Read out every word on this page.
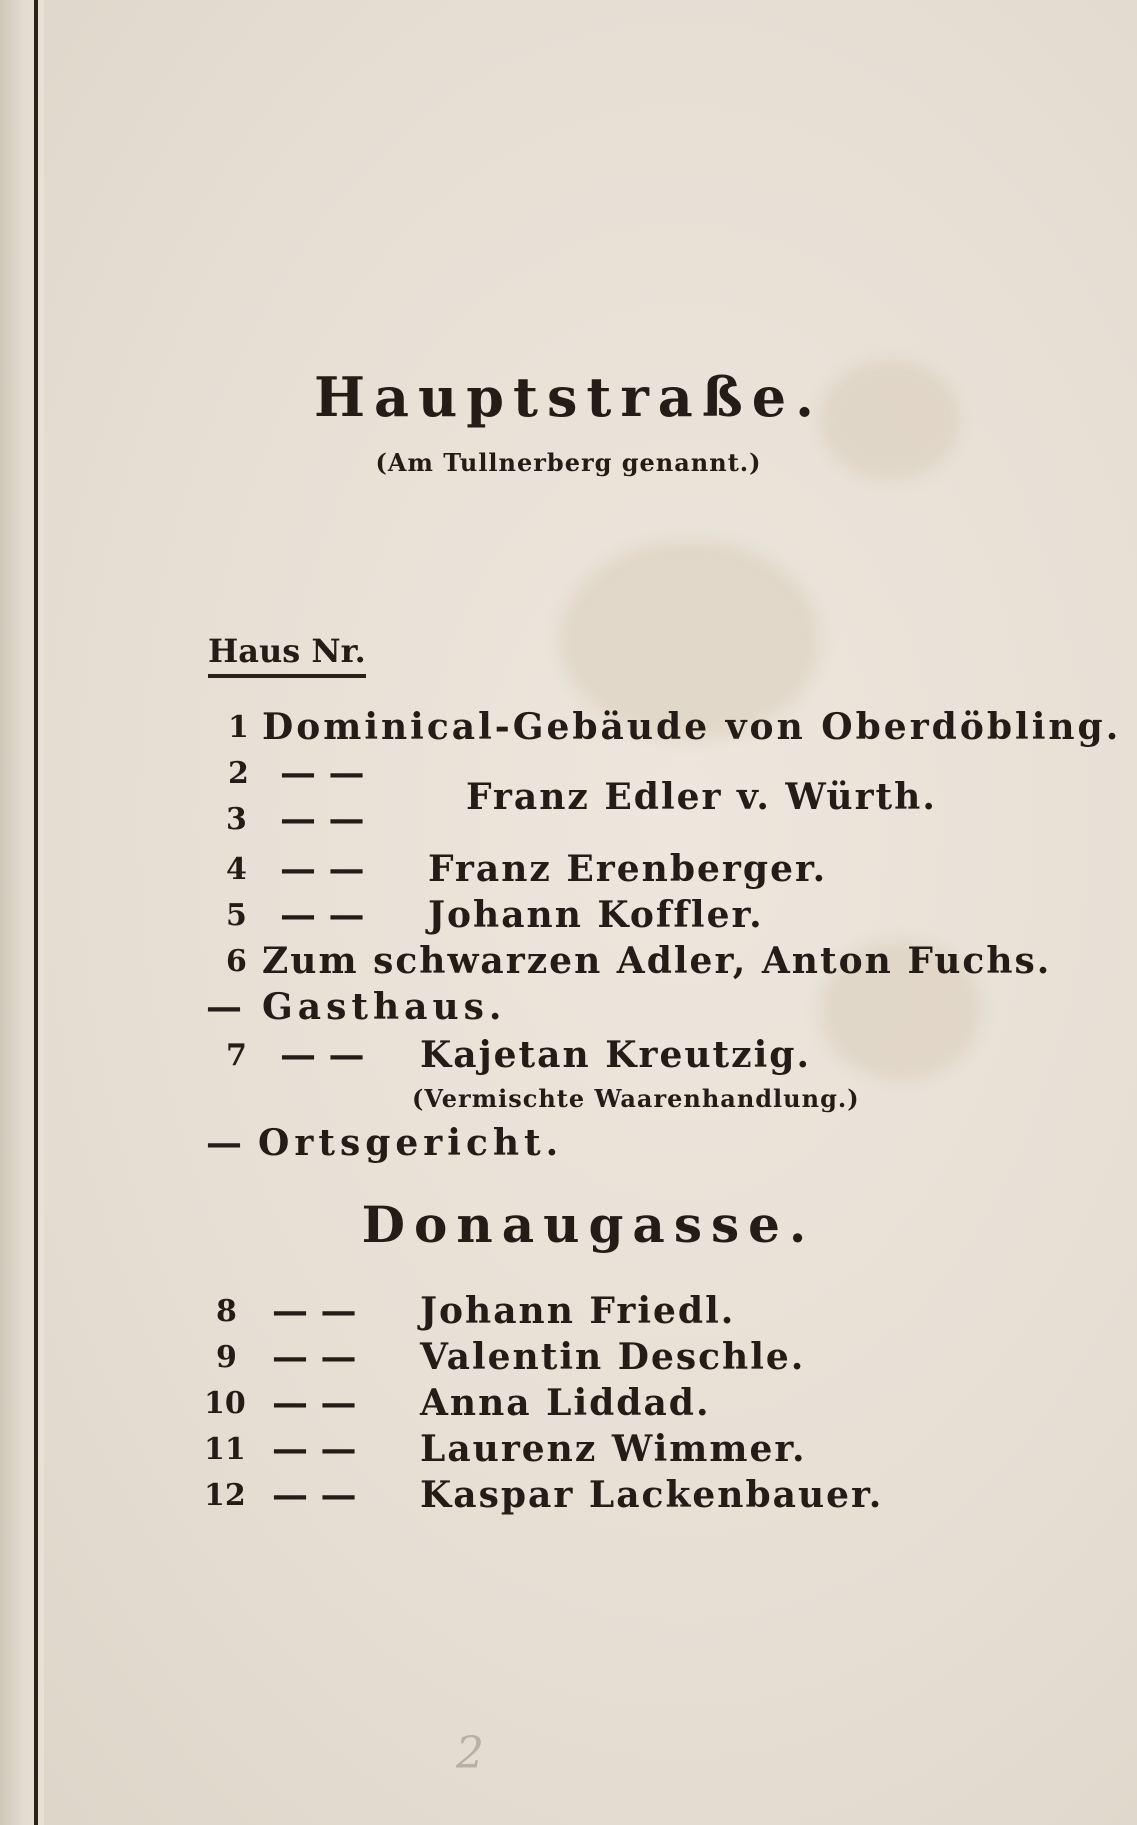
Hauptstraße.
(Am Tullnerberg genannt.)
Haus Nr.
1 Dominical-Gebäude von Oberdöbling.
2 — —
3 — —
Franz Edler v. Würth.
4 — — Franz Erenberger.
5 — — Johann Koffler.
6 Zum schwarzen Adler, Anton Fuchs.
— Gasthaus.
7 — — Kajetan Kreutzig.
(Vermischte Waarenhandlung.)
— Ortsgericht.
Donaugasse.
8 — — Johann Friedl.
9 — — Valentin Deschle.
10 — — Anna Liddad.
11 — — Laurenz Wimmer.
12 — — Kaspar Lackenbauer.
2
